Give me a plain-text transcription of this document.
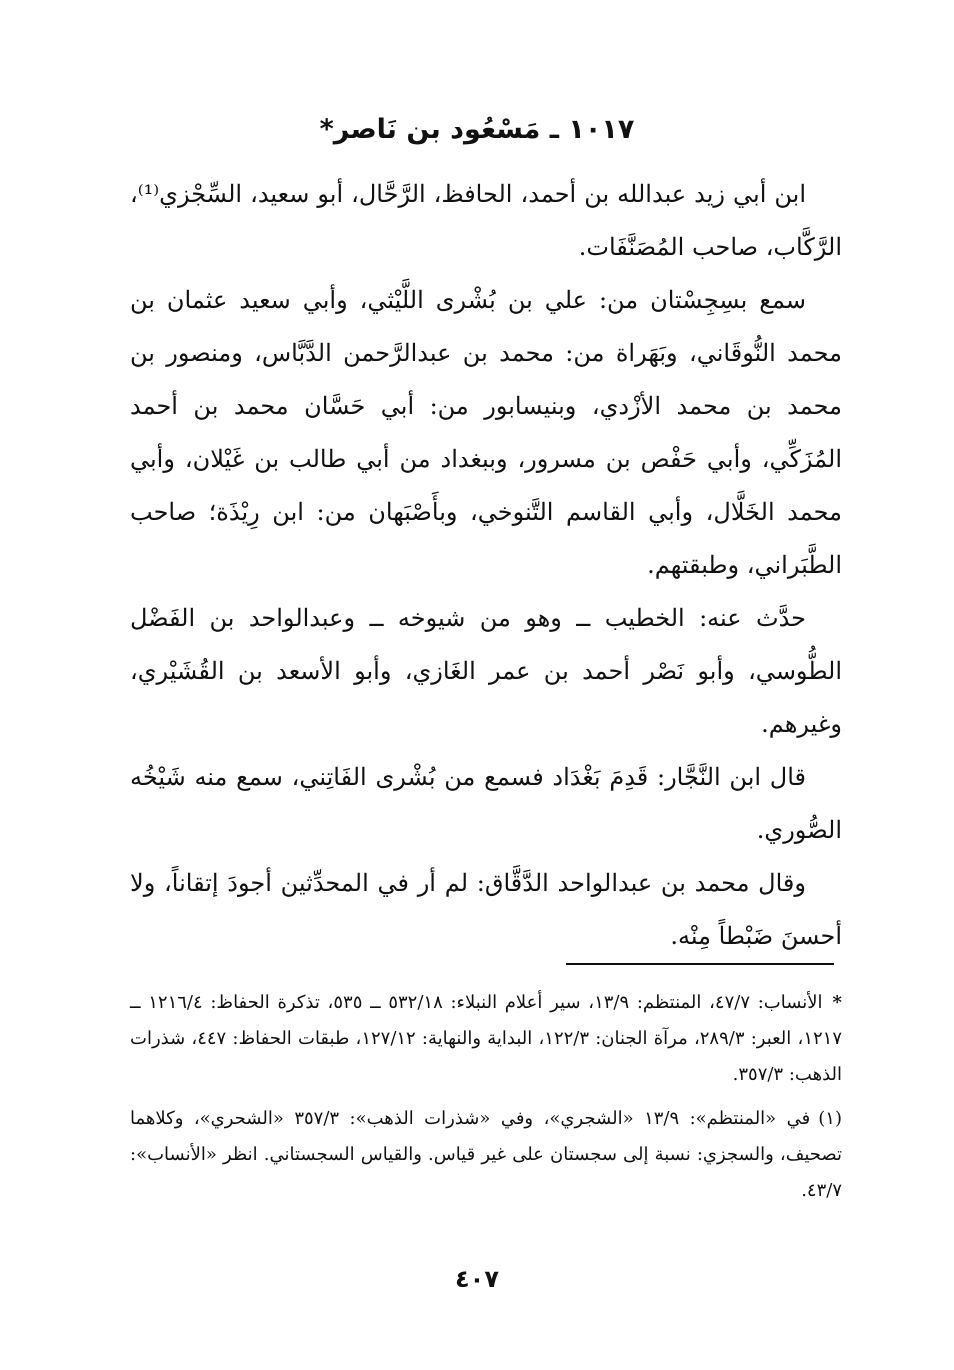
١٠١٧ ـ مَسْعُود بن نَاصر*

ابن أبي زيد عبدالله بن أحمد، الحافظ، الرَّحَّال، أبو سعيد، السِّجْزي⁽¹⁾، الرَّكَّاب، صاحب المُصَنَّفَات.

سمع بسِجِسْتان من: علي بن بُشْرى اللَّيْثي، وأبي سعيد عثمان بن محمد النُّوقَاني، وبَهَراة من: محمد بن عبدالرَّحمن الدَّبَّاس، ومنصور بن محمد بن محمد الأزْدي، وبنيسابور من: أبي حَسَّان محمد بن أحمد المُزَكِّي، وأبي حَفْص بن مسرور، وببغداد من أبي طالب بن غَيْلان، وأبي محمد الخَلَّال، وأبي القاسم التَّنوخي، وبأَصْبَهان من: ابن رِيْذَة؛ صاحب الطَّبَراني، وطبقتهم.

حدَّث عنه: الخطيب ــ وهو من شيوخه ــ وعبدالواحد بن الفَضْل الطُّوسي، وأبو نَصْر أحمد بن عمر الغَازي، وأبو الأسعد بن القُشَيْري، وغيرهم.

قال ابن النَّجَّار: قَدِمَ بَغْدَاد فسمع من بُشْرى الفَاتِني، سمع منه شَيْخُه الصُّوري.

وقال محمد بن عبدالواحد الدَّقَّاق: لم أر في المحدِّثين أجودَ إتقاناً، ولا أحسنَ ضَبْطاً مِنْه.

*الأنساب: ٤٧/٧، المنتظم: ١٣/٩، سير أعلام النبلاء: ٥٣٢/١٨ ــ ٥٣٥، تذكرة الحفاظ: ١٢١٦/٤ ــ ١٢١٧، العبر: ٢٨٩/٣، مرآة الجنان: ١٢٢/٣، البداية والنهاية: ١٢٧/١٢، طبقات الحفاظ: ٤٤٧، شذرات الذهب: ٣٥٧/٣.

(١)في «المنتظم»: ١٣/٩ «الشجري»، وفي «شذرات الذهب»: ٣٥٧/٣ «الشحري»، وكلاهما تصحيف، والسجزي: نسبة إلى سجستان على غير قياس. والقياس السجستاني. انظر «الأنساب»: ٤٣/٧.

٤٠٧
